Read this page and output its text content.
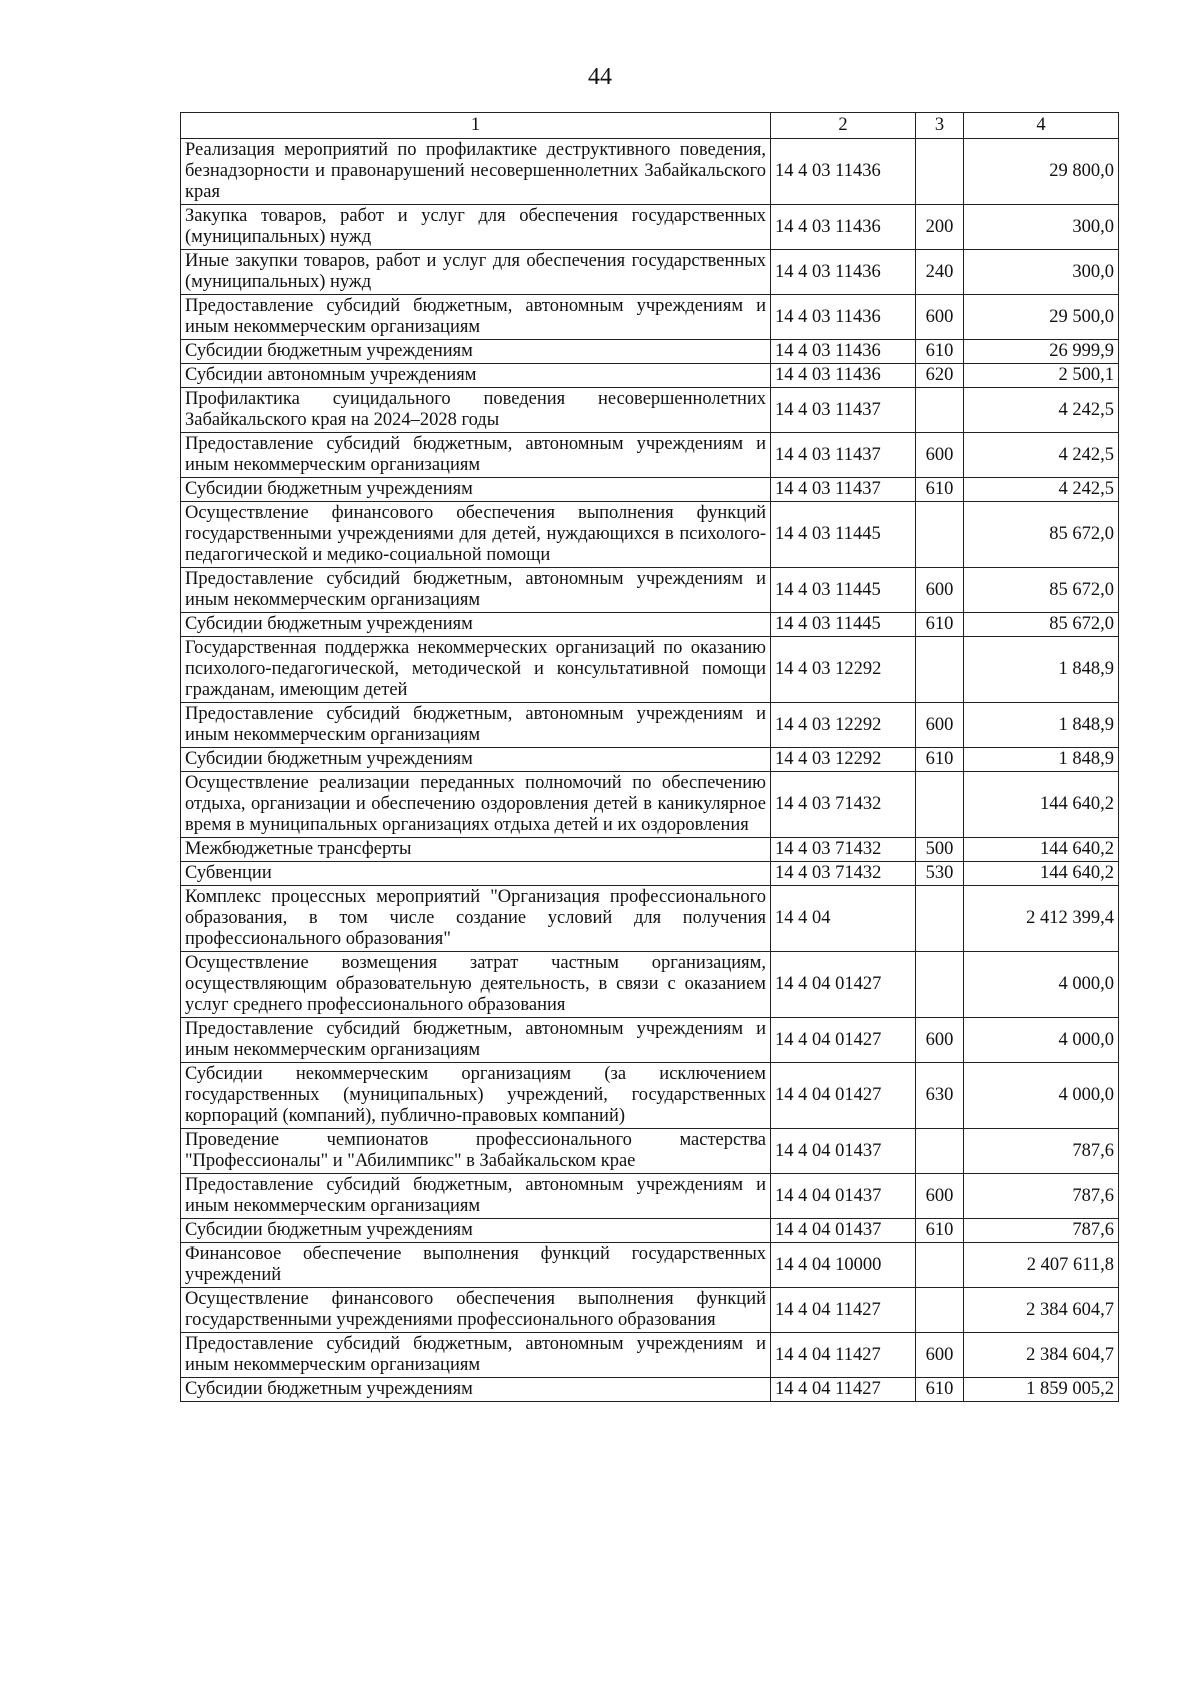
44
1	2	3	4
Реализация мероприятий по профилактике деструктивного поведения, безнадзорности и правонарушений несовершеннолетних Забайкальского края	14 4 03 11436		29 800,0
Закупка товаров, работ и услуг для обеспечения государственных (муниципальных) нужд	14 4 03 11436	200	300,0
Иные закупки товаров, работ и услуг для обеспечения государственных (муниципальных) нужд	14 4 03 11436	240	300,0
Предоставление субсидий бюджетным, автономным учреждениям и иным некоммерческим организациям	14 4 03 11436	600	29 500,0
Субсидии бюджетным учреждениям	14 4 03 11436	610	26 999,9
Субсидии автономным учреждениям	14 4 03 11436	620	2 500,1
Профилактика суицидального поведения несовершеннолетних Забайкальского края на 2024–2028 годы	14 4 03 11437		4 242,5
Предоставление субсидий бюджетным, автономным учреждениям и иным некоммерческим организациям	14 4 03 11437	600	4 242,5
Субсидии бюджетным учреждениям	14 4 03 11437	610	4 242,5
Осуществление финансового обеспечения выполнения функций государственными учреждениями для детей, нуждающихся в психолого-педагогической и медико-социальной помощи	14 4 03 11445		85 672,0
Предоставление субсидий бюджетным, автономным учреждениям и иным некоммерческим организациям	14 4 03 11445	600	85 672,0
Субсидии бюджетным учреждениям	14 4 03 11445	610	85 672,0
Государственная поддержка некоммерческих организаций по оказанию психолого-педагогической, методической и консультативной помощи гражданам, имеющим детей	14 4 03 12292		1 848,9
Предоставление субсидий бюджетным, автономным учреждениям и иным некоммерческим организациям	14 4 03 12292	600	1 848,9
Субсидии бюджетным учреждениям	14 4 03 12292	610	1 848,9
Осуществление реализации переданных полномочий по обеспечению отдыха, организации и обеспечению оздоровления детей в каникулярное время в муниципальных организациях отдыха детей и их оздоровления	14 4 03 71432		144 640,2
Межбюджетные трансферты	14 4 03 71432	500	144 640,2
Субвенции	14 4 03 71432	530	144 640,2
Комплекс процессных мероприятий "Организация профессионального образования, в том числе создание условий для получения профессионального образования"	14 4 04		2 412 399,4
Осуществление возмещения затрат частным организациям, осуществляющим образовательную деятельность, в связи с оказанием услуг среднего профессионального образования	14 4 04 01427		4 000,0
Предоставление субсидий бюджетным, автономным учреждениям и иным некоммерческим организациям	14 4 04 01427	600	4 000,0
Субсидии некоммерческим организациям (за исключением государственных (муниципальных) учреждений, государственных корпораций (компаний), публично-правовых компаний)	14 4 04 01427	630	4 000,0
Проведение чемпионатов профессионального мастерства "Профессионалы" и "Абилимпикс" в Забайкальском крае	14 4 04 01437		787,6
Предоставление субсидий бюджетным, автономным учреждениям и иным некоммерческим организациям	14 4 04 01437	600	787,6
Субсидии бюджетным учреждениям	14 4 04 01437	610	787,6
Финансовое обеспечение выполнения функций государственных учреждений	14 4 04 10000		2 407 611,8
Осуществление финансового обеспечения выполнения функций государственными учреждениями профессионального образования	14 4 04 11427		2 384 604,7
Предоставление субсидий бюджетным, автономным учреждениям и иным некоммерческим организациям	14 4 04 11427	600	2 384 604,7
Субсидии бюджетным учреждениям	14 4 04 11427	610	1 859 005,2
